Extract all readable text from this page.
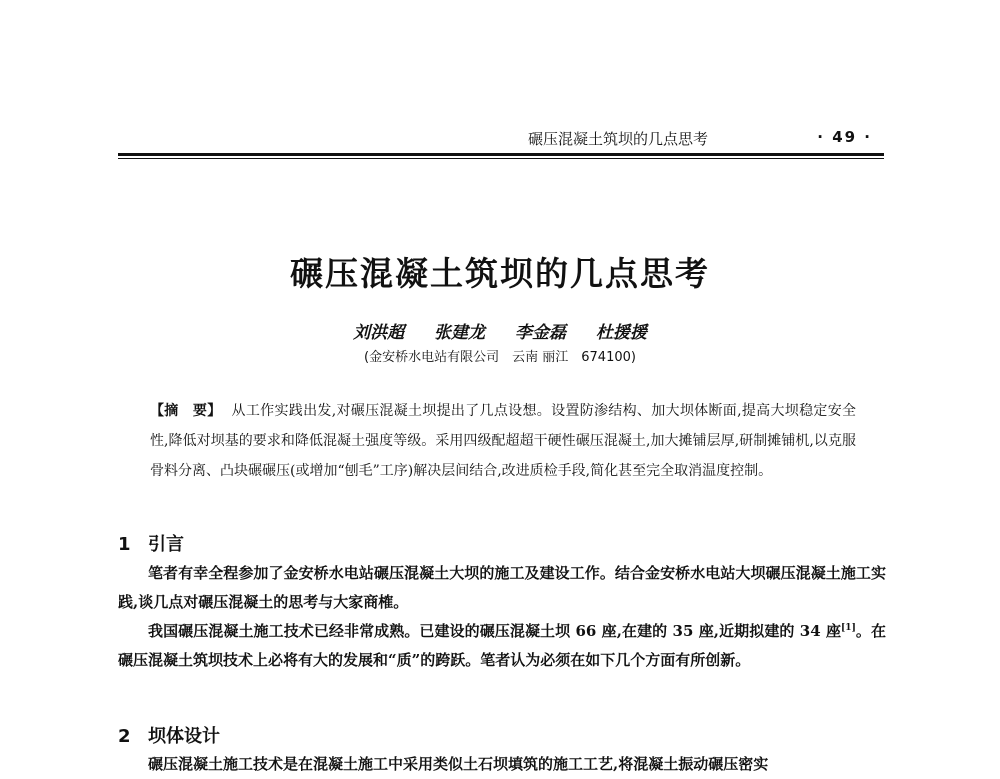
碾压混凝土筑坝的几点思考	· 49 ·
碾压混凝土筑坝的几点思考
刘洪超 张建龙 李金磊 杜援援
(金安桥水电站有限公司　云南 丽江　674100)
【摘　要】 从工作实践出发,对碾压混凝土坝提出了几点设想。设置防渗结构、加大坝体断面,提高大坝稳定安全性,降低对坝基的要求和降低混凝土强度等级。采用四级配超超干硬性碾压混凝土,加大摊铺层厚,研制摊铺机,以克服骨料分离、凸块碾碾压(或增加“刨毛”工序)解决层间结合,改进质检手段,简化甚至完全取消温度控制。
1 引言

笔者有幸全程参加了金安桥水电站碾压混凝土大坝的施工及建设工作。结合金安桥水电站大坝碾压混凝土施工实践,谈几点对碾压混凝土的思考与大家商榷。

我国碾压混凝土施工技术已经非常成熟。已建设的碾压混凝土坝 66 座,在建的 35 座,近期拟建的 34 座[1]。在碾压混凝土筑坝技术上必将有大的发展和“质”的跨跃。笔者认为必须在如下几个方面有所创新。

2 坝体设计

碾压混凝土施工技术是在混凝土施工中采用类似土石坝填筑的施工工艺,将混凝土振动碾压密实
